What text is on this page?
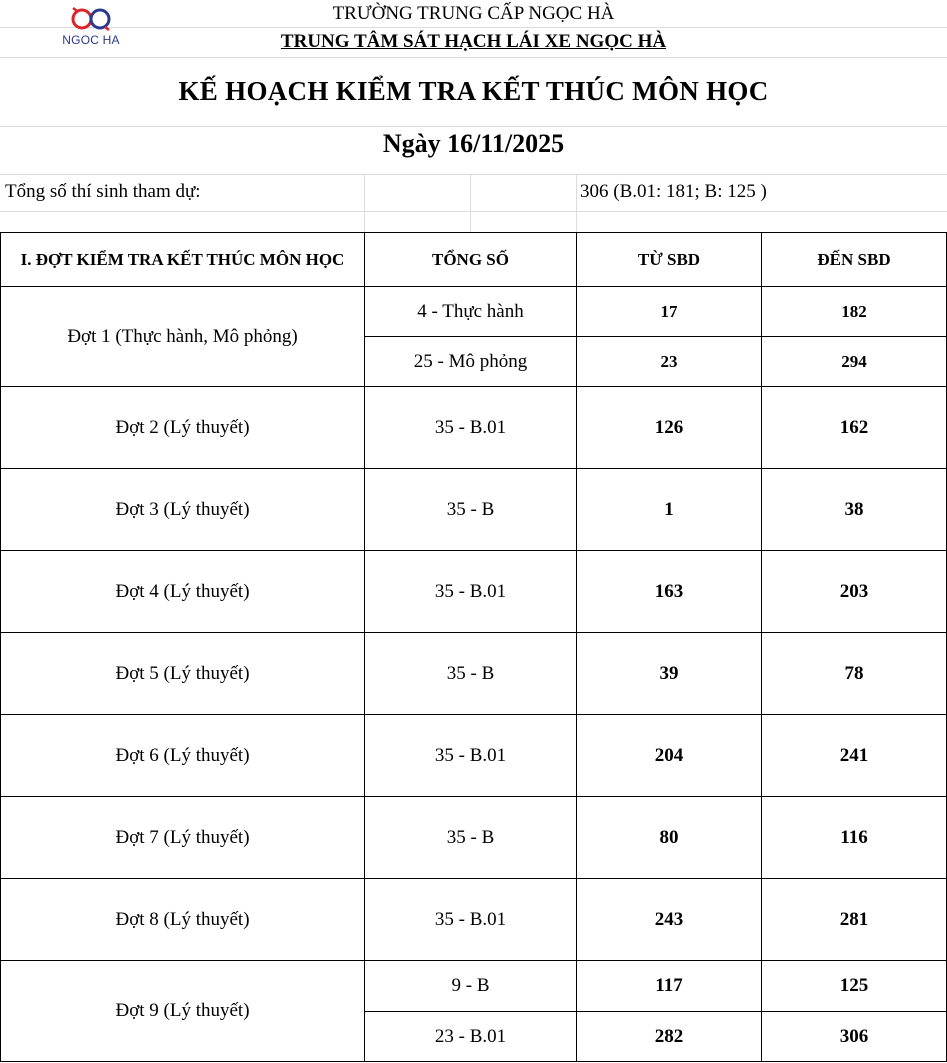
NGOC HA
TRƯỜNG TRUNG CẤP NGỌC HÀ
TRUNG TÂM SÁT HẠCH LÁI XE NGỌC HÀ
KẾ HOẠCH KIỂM TRA KẾT THÚC MÔN HỌC
Ngày 16/11/2025
Tổng số thí sinh tham dự:	306 (B.01: 181; B: 125 )
I. ĐỢT KIỂM TRA KẾT THÚC MÔN HỌC	TỔNG SỐ	TỪ SBD	ĐẾN SBD
Đợt 1 (Thực hành, Mô phỏng)	4 - Thực hành	17	182
	25 - Mô phỏng	23	294
Đợt 2 (Lý thuyết)	35 - B.01	126	162
Đợt 3 (Lý thuyết)	35 - B	1	38
Đợt 4 (Lý thuyết)	35 - B.01	163	203
Đợt 5 (Lý thuyết)	35 - B	39	78
Đợt 6 (Lý thuyết)	35 - B.01	204	241
Đợt 7 (Lý thuyết)	35 - B	80	116
Đợt 8 (Lý thuyết)	35 - B.01	243	281
Đợt 9 (Lý thuyết)	9 - B	117	125
	23 - B.01	282	306
